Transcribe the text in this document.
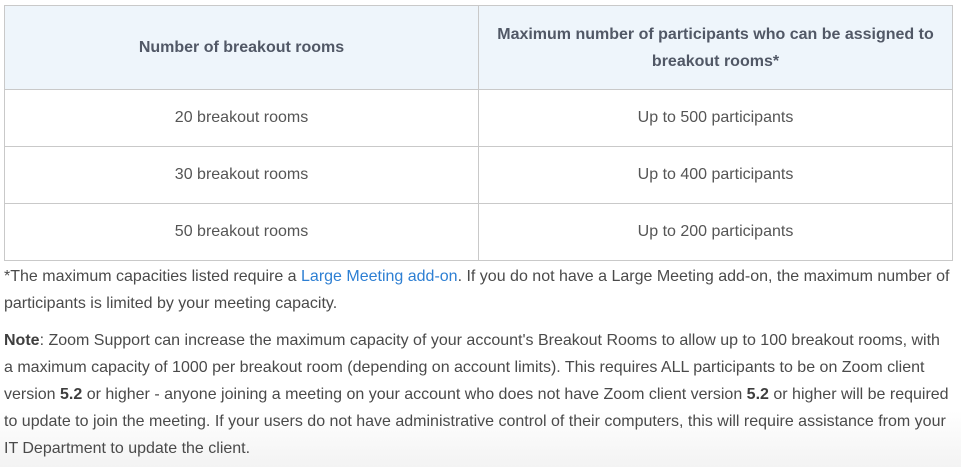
Number of breakout rooms	Maximum number of participants who can be assigned to breakout rooms*
20 breakout rooms	Up to 500 participants
30 breakout rooms	Up to 400 participants
50 breakout rooms	Up to 200 participants

*The maximum capacities listed require a Large Meeting add-on. If you do not have a Large Meeting add-on, the maximum number of participants is limited by your meeting capacity.

Note: Zoom Support can increase the maximum capacity of your account's Breakout Rooms to allow up to 100 breakout rooms, with a maximum capacity of 1000 per breakout room (depending on account limits). This requires ALL participants to be on Zoom client version 5.2 or higher - anyone joining a meeting on your account who does not have Zoom client version 5.2 or higher will be required to update to join the meeting. If your users do not have administrative control of their computers, this will require assistance from your IT Department to update the client.
